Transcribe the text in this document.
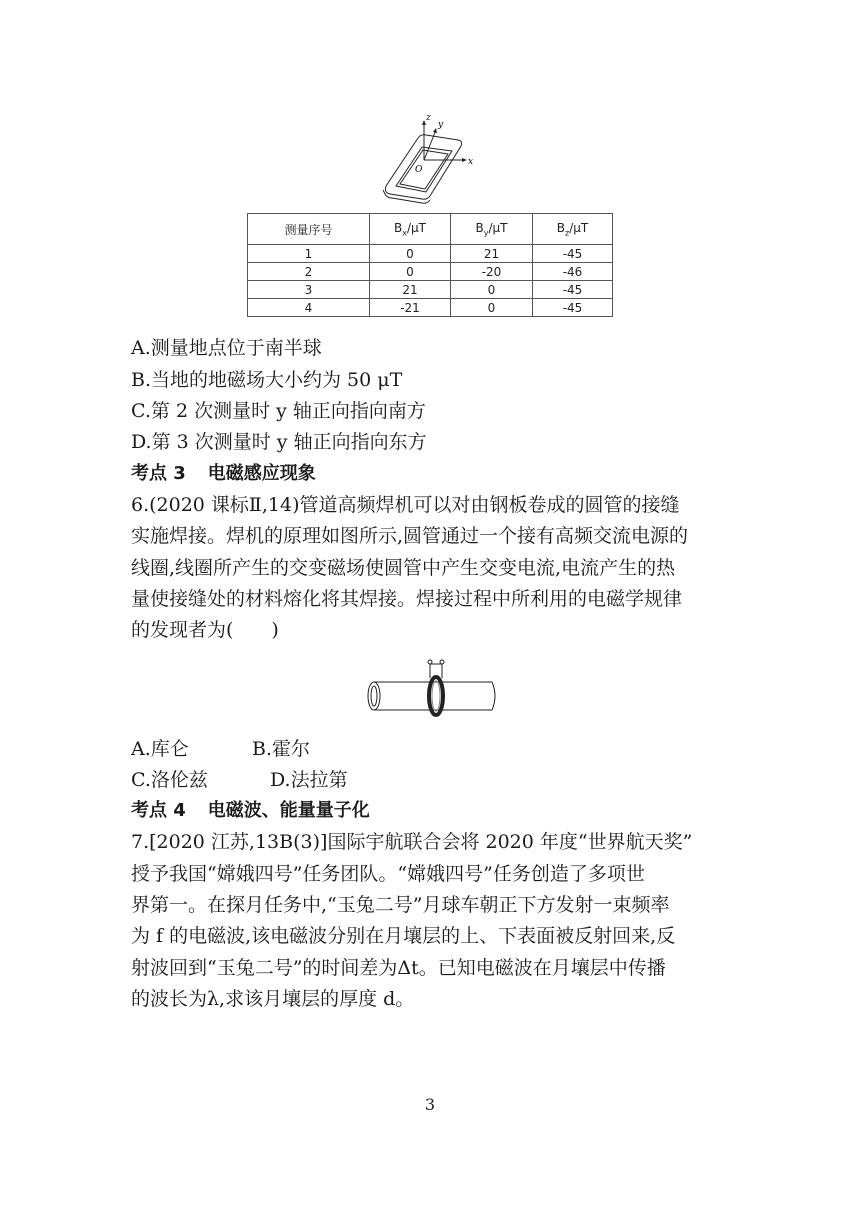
z
y
x
O
测量序号	$B_x/\mu T$	$B_y/\mu T$	$B_z/\mu T$
1	0	21	-45
2	0	-20	-46
3	21	0	-45
4	-21	0	-45
A.测量地点位于南半球
B.当地的地磁场大小约为 50 μT
C.第 2 次测量时 y 轴正向指向南方
D.第 3 次测量时 y 轴正向指向东方
考点 3 电磁感应现象
6.(2020 课标Ⅱ,14)管道高频焊机可以对由钢板卷成的圆管的接缝
实施焊接。焊机的原理如图所示,圆管通过一个接有高频交流电源的
线圈,线圈所产生的交变磁场使圆管中产生交变电流,电流产生的热
量使接缝处的材料熔化将其焊接。焊接过程中所利用的电磁学规律
的发现者为(　　)
A.库仑	B.霍尔
C.洛伦兹	D.法拉第
考点 4 电磁波、能量量子化
7.[2020 江苏,13B(3)]国际宇航联合会将 2020 年度“世界航天奖”
授予我国“嫦娥四号”任务团队。“嫦娥四号”任务创造了多项世
界第一。在探月任务中,“玉兔二号”月球车朝正下方发射一束频率
为 f 的电磁波,该电磁波分别在月壤层的上、下表面被反射回来,反
射波回到“玉兔二号”的时间差为Δt。已知电磁波在月壤层中传播
的波长为λ,求该月壤层的厚度 d。
3
